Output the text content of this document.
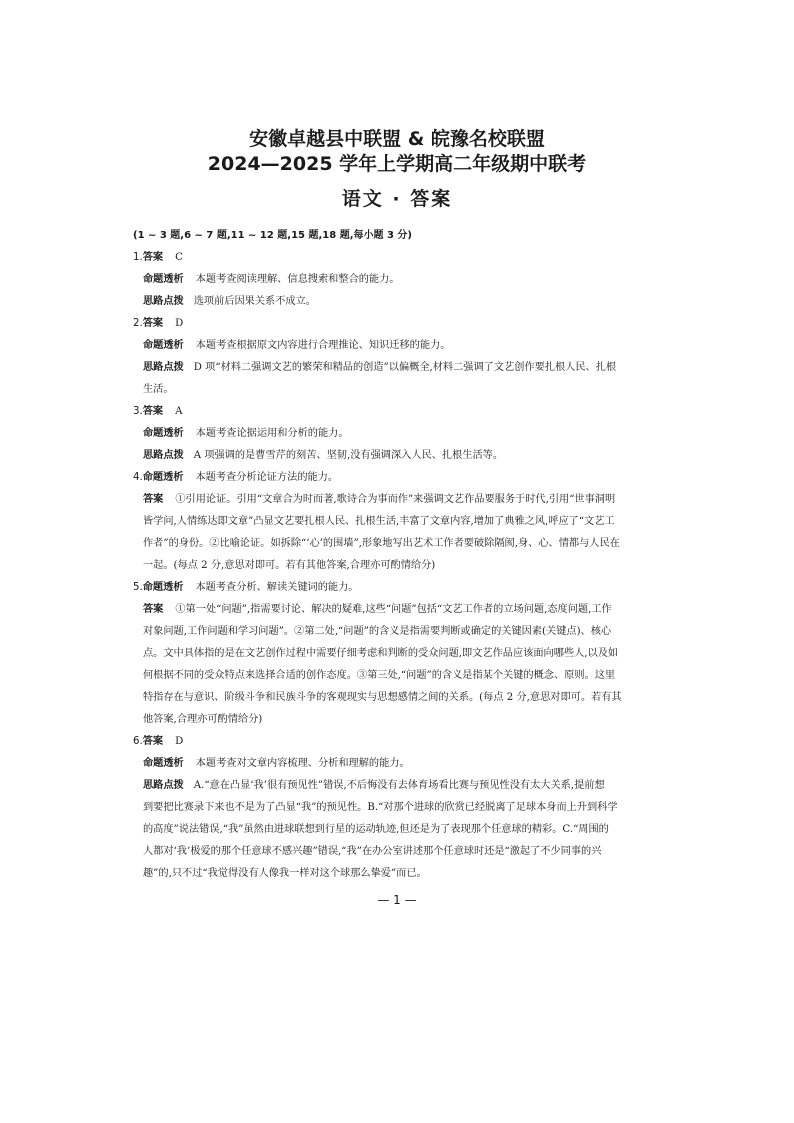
安徽卓越县中联盟 & 皖豫名校联盟
2024—2025 学年上学期高二年级期中联考
语文 · 答案
(1 ~ 3 题,6 ~ 7 题,11 ~ 12 题,15 题,18 题,每小题 3 分)
1.答案 C
命题透析 本题考查阅读理解、信息搜索和整合的能力。
思路点拨 选项前后因果关系不成立。
2.答案 D
命题透析 本题考查根据原文内容进行合理推论、知识迁移的能力。
思路点拨 D 项“材料二强调文艺的繁荣和精品的创造”以偏概全,材料二强调了文艺创作要扎根人民、扎根
生活。
3.答案 A
命题透析 本题考查论据运用和分析的能力。
思路点拨 A 项强调的是曹雪芹的刻苦、坚韧,没有强调深入人民、扎根生活等。
4.命题透析 本题考查分析论证方法的能力。
答案 ①引用论证。引用“文章合为时而著,歌诗合为事而作”来强调文艺作品要服务于时代,引用“世事洞明
皆学问,人情练达即文章”凸显文艺要扎根人民、扎根生活,丰富了文章内容,增加了典雅之风,呼应了“文艺工
作者”的身份。②比喻论证。如拆除“‘心’的围墙”,形象地写出艺术工作者要破除隔阂,身、心、情都与人民在
一起。(每点 2 分,意思对即可。若有其他答案,合理亦可酌情给分)
5.命题透析 本题考查分析、解读关键词的能力。
答案 ①第一处“问题”,指需要讨论、解决的疑难,这些“问题”包括“文艺工作者的立场问题,态度问题,工作
对象问题,工作问题和学习问题”。②第二处,“问题”的含义是指需要判断或确定的关键因素(关键点)、核心
点。文中具体指的是在文艺创作过程中需要仔细考虑和判断的受众问题,即文艺作品应该面向哪些人,以及如
何根据不同的受众特点来选择合适的创作态度。③第三处,“问题”的含义是指某个关键的概念、原则。这里
特指存在与意识、阶级斗争和民族斗争的客观现实与思想感情之间的关系。(每点 2 分,意思对即可。若有其
他答案,合理亦可酌情给分)
6.答案 D
命题透析 本题考查对文章内容梳理、分析和理解的能力。
思路点拨 A.“意在凸显‘我’很有预见性”错误,不后悔没有去体育场看比赛与预见性没有太大关系,提前想
到要把比赛录下来也不是为了凸显“我”的预见性。B.“对那个进球的欣赏已经脱离了足球本身而上升到科学
的高度”说法错误,“我”虽然由进球联想到行星的运动轨迹,但还是为了表现那个任意球的精彩。C.“周围的
人都对‘我’极爱的那个任意球不感兴趣”错误,“我”在办公室讲述那个任意球时还是“激起了不少同事的兴
趣”的,只不过“我觉得没有人像我一样对这个球那么挚爱”而已。
— 1 —
